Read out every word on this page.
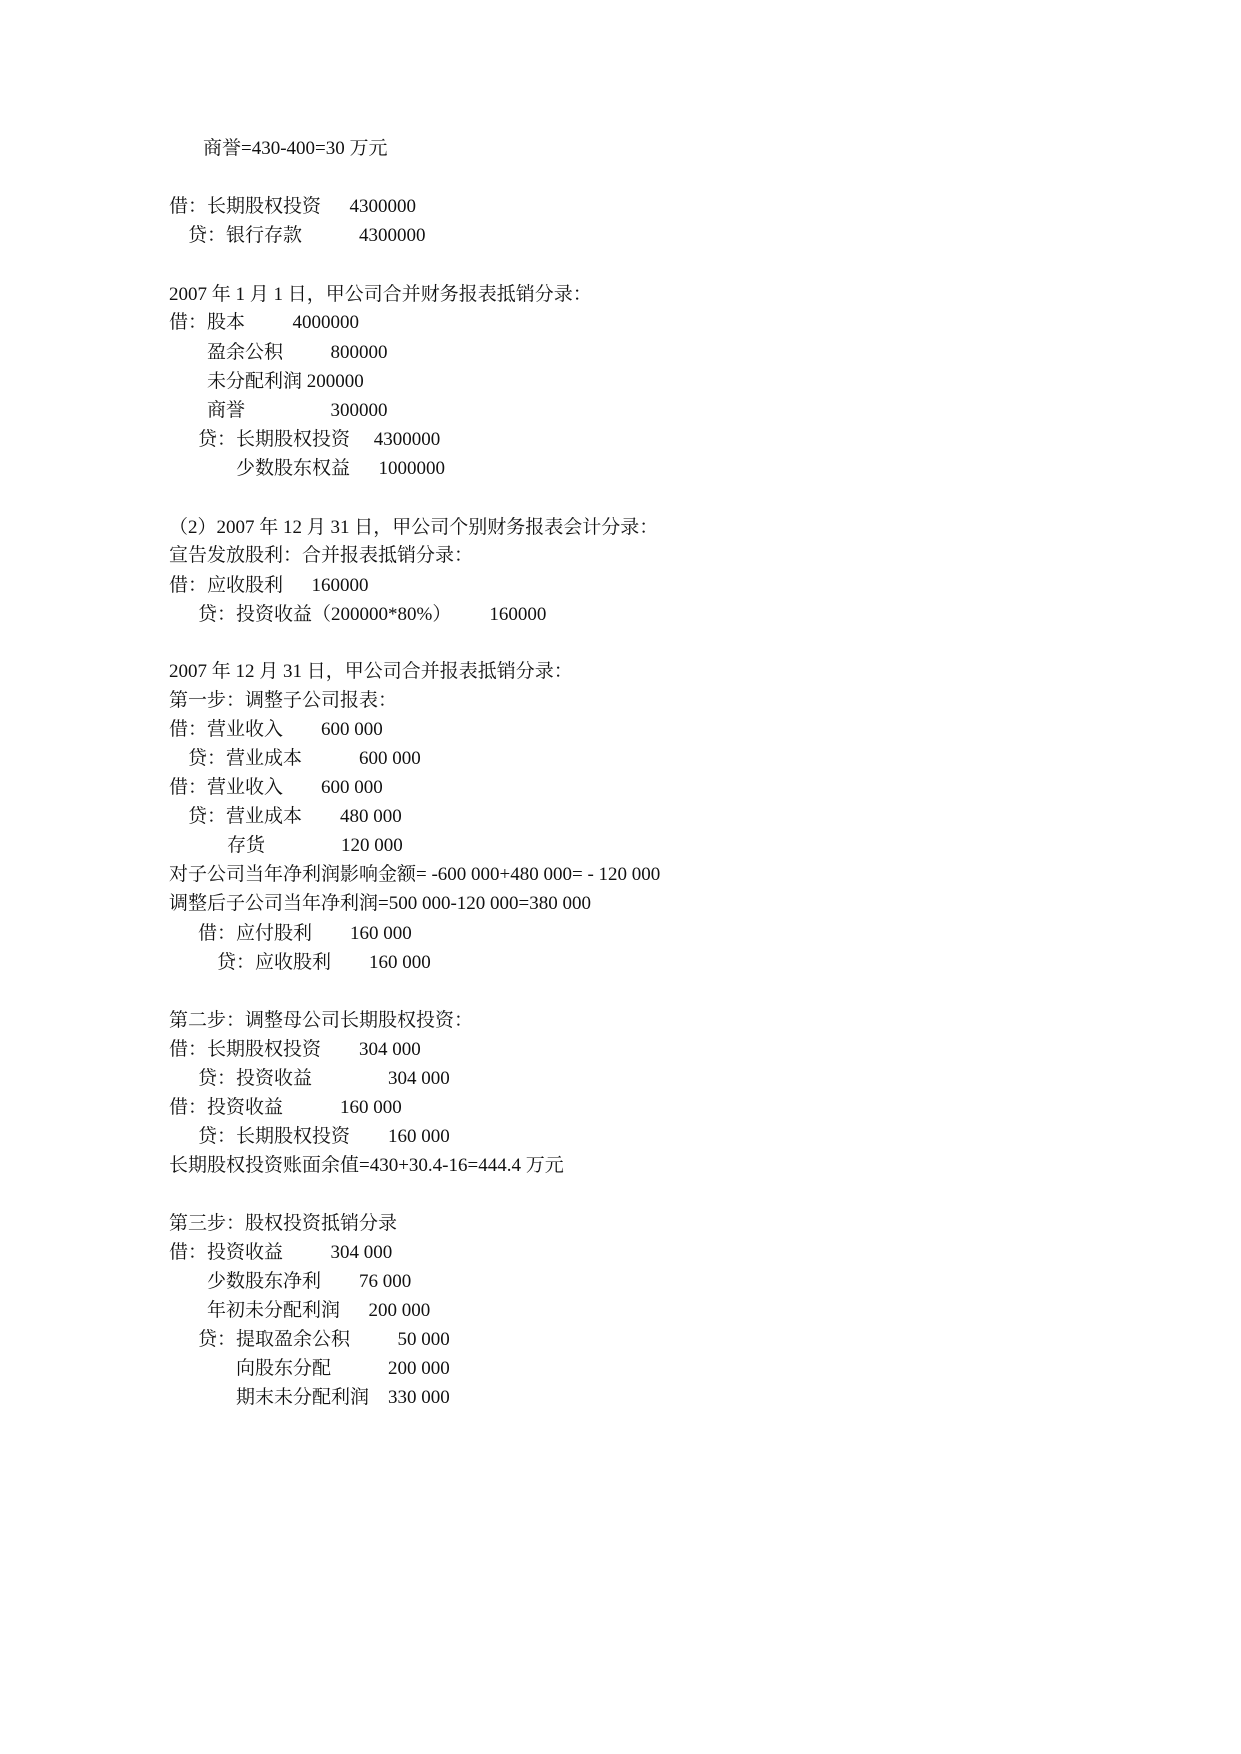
商誉=430-400=30 万元
借：长期股权投资      4300000
贷：银行存款            4300000
2007 年 1 月 1 日，甲公司合并财务报表抵销分录：
借：股本          4000000
盈余公积          800000
未分配利润 200000
商誉                  300000
贷：长期股权投资     4300000
少数股东权益      1000000
（2）2007 年 12 月 31 日，甲公司个别财务报表会计分录：
宣告发放股利：合并报表抵销分录：
借：应收股利      160000
贷：投资收益（200000*80%）        160000
2007 年 12 月 31 日，甲公司合并报表抵销分录：
第一步：调整子公司报表：
借：营业收入        600 000
贷：营业成本            600 000
借：营业收入        600 000
贷：营业成本        480 000
存货                120 000
对子公司当年净利润影响金额= -600 000+480 000= - 120 000
调整后子公司当年净利润=500 000-120 000=380 000
借：应付股利        160 000
贷：应收股利        160 000
第二步：调整母公司长期股权投资：
借：长期股权投资        304 000
贷：投资收益                304 000
借：投资收益            160 000
贷：长期股权投资        160 000
长期股权投资账面余值=430+30.4-16=444.4 万元
第三步：股权投资抵销分录
借：投资收益          304 000
少数股东净利        76 000
年初未分配利润      200 000
贷：提取盈余公积          50 000
向股东分配            200 000
期末未分配利润    330 000
